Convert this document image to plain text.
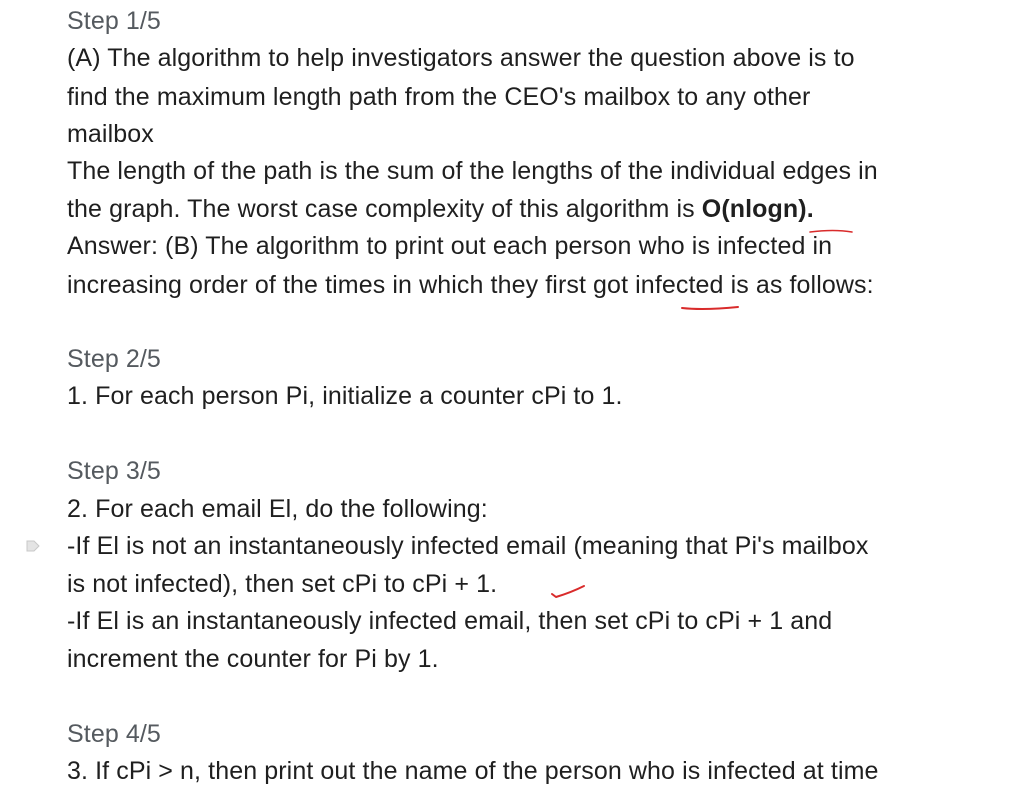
Step 1/5
(A) The algorithm to help investigators answer the question above is to
find the maximum length path from the CEO's mailbox to any other
mailbox
The length of the path is the sum of the lengths of the individual edges in
the graph. The worst case complexity of this algorithm is O(nlogn).
Answer: (B) The algorithm to print out each person who is infected in
increasing order of the times in which they first got infected is as follows:
Step 2/5
1. For each person Pi, initialize a counter cPi to 1.
Step 3/5
2. For each email El, do the following:
-If El is not an instantaneously infected email (meaning that Pi's mailbox
is not infected), then set cPi to cPi + 1.
-If El is an instantaneously infected email, then set cPi to cPi + 1 and
increment the counter for Pi by 1.
Step 4/5
3. If cPi > n, then print out the name of the person who is infected at time
